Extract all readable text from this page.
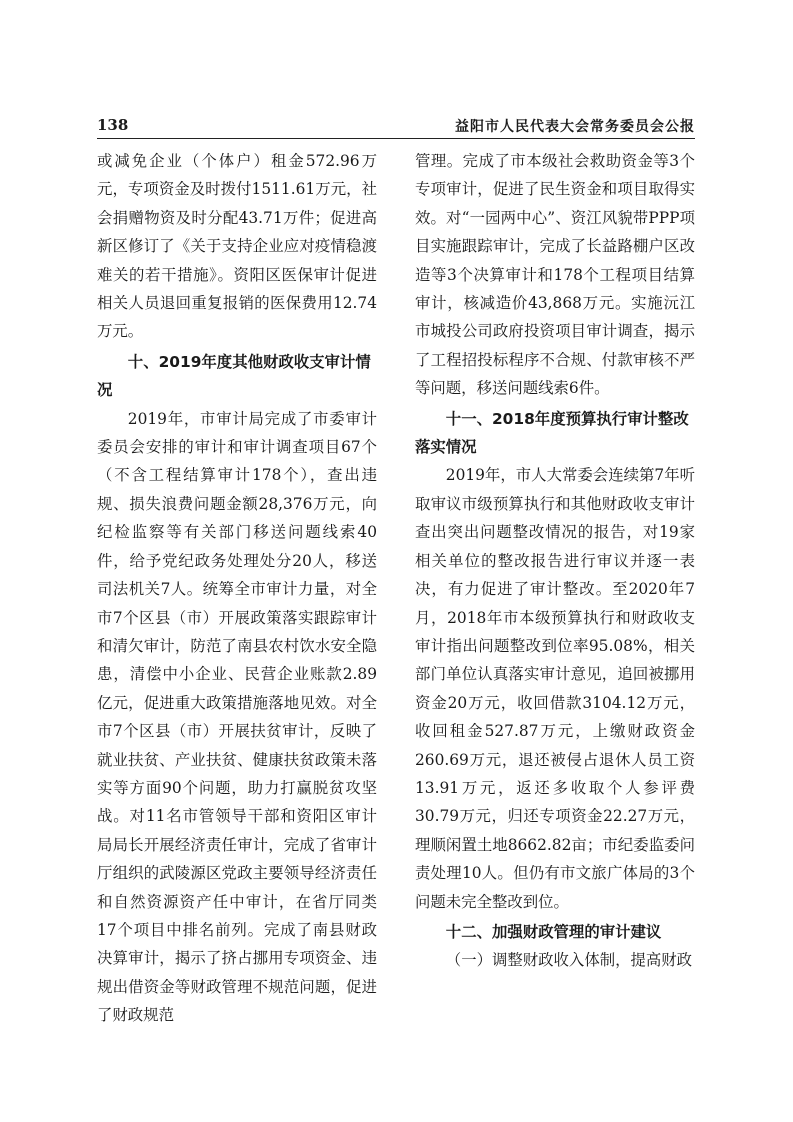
138	益阳市人民代表大会常务委员会公报

或减免企业（个体户）租金572.96万元，专项资金及时拨付1511.61万元，社会捐赠物资及时分配43.71万件；促进高新区修订了《关于支持企业应对疫情稳渡难关的若干措施》。资阳区医保审计促进相关人员退回重复报销的医保费用12.74万元。

十、2019年度其他财政收支审计情况

2019年，市审计局完成了市委审计委员会安排的审计和审计调查项目67个（不含工程结算审计178个），查出违规、损失浪费问题金额28,376万元，向纪检监察等有关部门移送问题线索40件，给予党纪政务处理处分20人，移送司法机关7人。统筹全市审计力量，对全市7个区县（市）开展政策落实跟踪审计和清欠审计，防范了南县农村饮水安全隐患，清偿中小企业、民营企业账款2.89亿元，促进重大政策措施落地见效。对全市7个区县（市）开展扶贫审计，反映了就业扶贫、产业扶贫、健康扶贫政策未落实等方面90个问题，助力打赢脱贫攻坚战。对11名市管领导干部和资阳区审计局局长开展经济责任审计，完成了省审计厅组织的武陵源区党政主要领导经济责任和自然资源资产任中审计，在省厅同类17个项目中排名前列。完成了南县财政决算审计，揭示了挤占挪用专项资金、违规出借资金等财政管理不规范问题，促进了财政规范

管理。完成了市本级社会救助资金等3个专项审计，促进了民生资金和项目取得实效。对“一园两中心”、资江风貌带PPP项目实施跟踪审计，完成了长益路棚户区改造等3个决算审计和178个工程项目结算审计，核减造价43,868万元。实施沅江市城投公司政府投资项目审计调查，揭示了工程招投标程序不合规、付款审核不严等问题，移送问题线索6件。

十一、2018年度预算执行审计整改落实情况

2019年，市人大常委会连续第7年听取审议市级预算执行和其他财政收支审计查出突出问题整改情况的报告，对19家相关单位的整改报告进行审议并逐一表决，有力促进了审计整改。至2020年7月，2018年市本级预算执行和财政收支审计指出问题整改到位率95.08%，相关部门单位认真落实审计意见，追回被挪用资金20万元，收回借款3104.12万元，收回租金527.87万元，上缴财政资金260.69万元，退还被侵占退休人员工资13.91万元，返还多收取个人参评费30.79万元，归还专项资金22.27万元，理顺闲置土地8662.82亩；市纪委监委问责处理10人。但仍有市文旅广体局的3个问题未完全整改到位。

十二、加强财政管理的审计建议

（一）调整财政收入体制，提高财政
